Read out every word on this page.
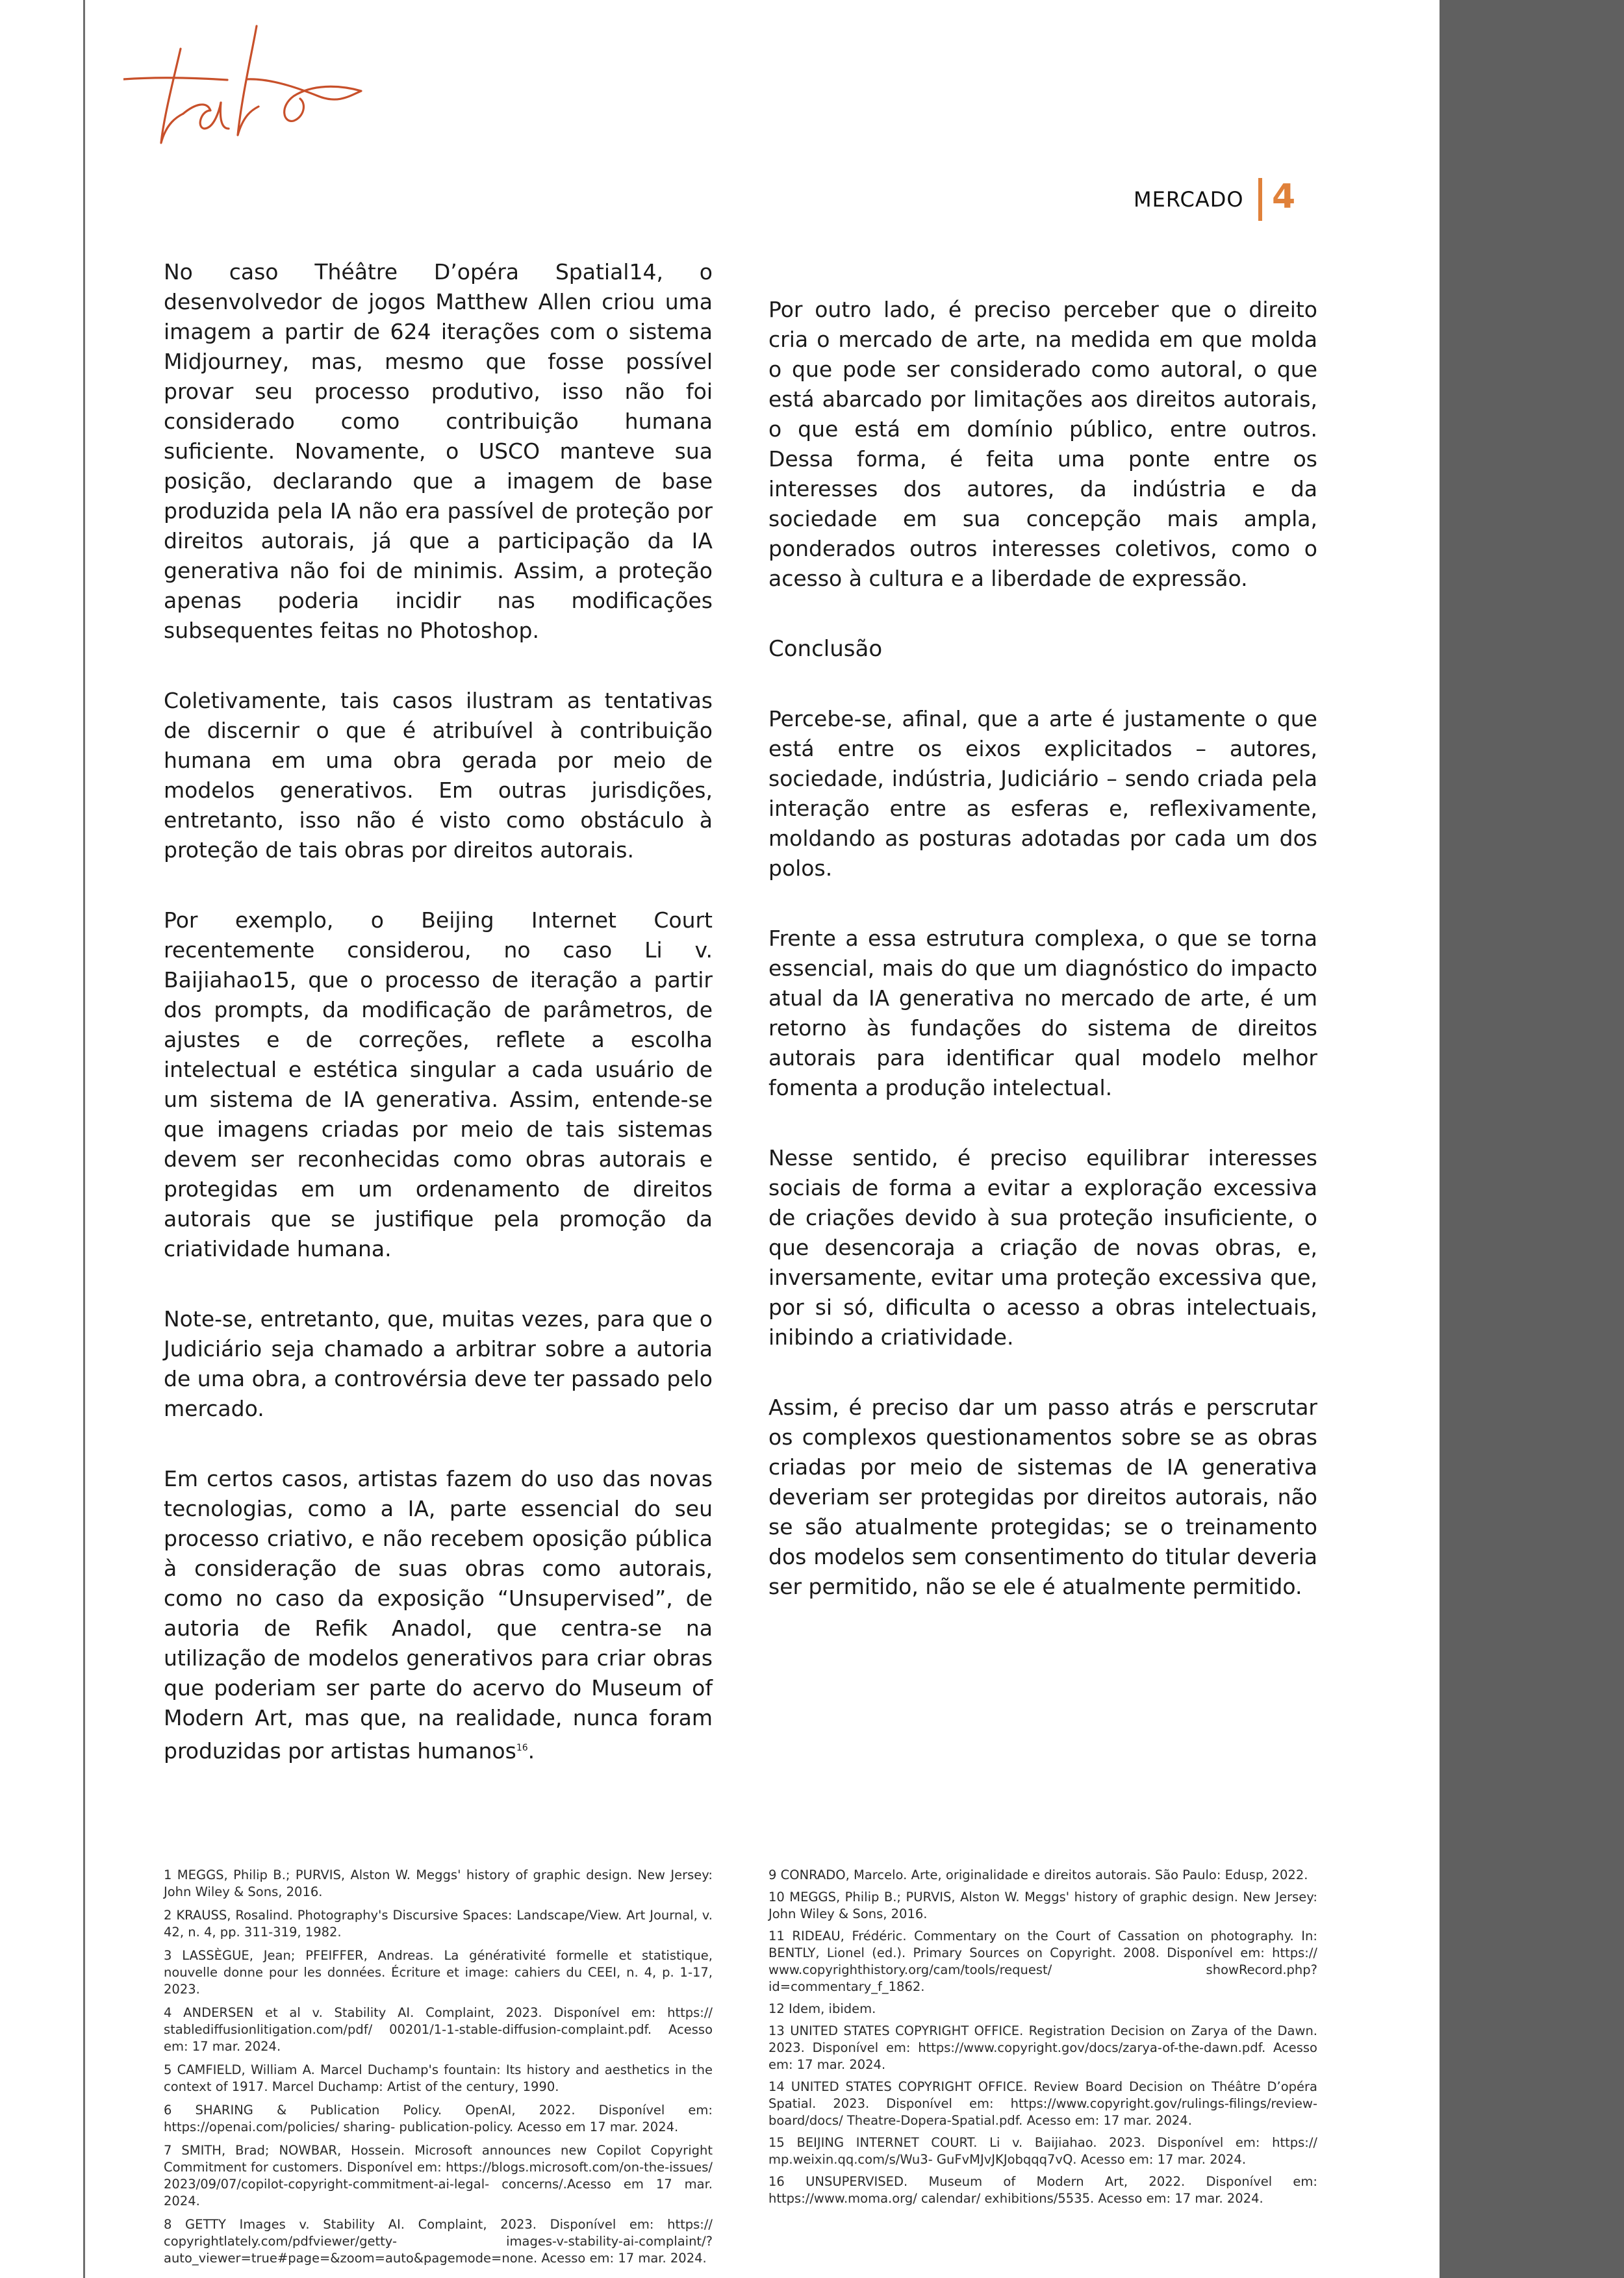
tato
MERCADO 4

No caso Théâtre D’opéra Spatial14, o desenvolvedor de jogos Matthew Allen criou uma imagem a partir de 624 iterações com o sistema Midjourney, mas, mesmo que fosse possível provar seu processo produtivo, isso não foi considerado como contribuição humana suficiente. Novamente, o USCO manteve sua posição, declarando que a imagem de base produzida pela IA não era passível de proteção por direitos autorais, já que a participação da IA generativa não foi de minimis. Assim, a proteção apenas poderia incidir nas modificações subsequentes feitas no Photoshop.

Coletivamente, tais casos ilustram as tentativas de discernir o que é atribuível à contribuição humana em uma obra gerada por meio de modelos generativos. Em outras jurisdições, entretanto, isso não é visto como obstáculo à proteção de tais obras por direitos autorais.

Por exemplo, o Beijing Internet Court recentemente considerou, no caso Li v. Baijiahao15, que o processo de iteração a partir dos prompts, da modificação de parâmetros, de ajustes e de correções, reflete a escolha intelectual e estética singular a cada usuário de um sistema de IA generativa. Assim, entende-se que imagens criadas por meio de tais sistemas devem ser reconhecidas como obras autorais e protegidas em um ordenamento de direitos autorais que se justifique pela promoção da criatividade humana.

Note-se, entretanto, que, muitas vezes, para que o Judiciário seja chamado a arbitrar sobre a autoria de uma obra, a controvérsia deve ter passado pelo mercado.

Em certos casos, artistas fazem do uso das novas tecnologias, como a IA, parte essencial do seu processo criativo, e não recebem oposição pública à consideração de suas obras como autorais, como no caso da exposição “Unsupervised”, de autoria de Refik Anadol, que centra-se na utilização de modelos generativos para criar obras que poderiam ser parte do acervo do Museum of Modern Art, mas que, na realidade, nunca foram produzidas por artistas humanos$^{16}$.

Por outro lado, é preciso perceber que o direito cria o mercado de arte, na medida em que molda o que pode ser considerado como autoral, o que está abarcado por limitações aos direitos autorais, o que está em domínio público, entre outros. Dessa forma, é feita uma ponte entre os interesses dos autores, da indústria e da sociedade em sua concepção mais ampla, ponderados outros interesses coletivos, como o acesso à cultura e a liberdade de expressão.

Conclusão

Percebe-se, afinal, que a arte é justamente o que está entre os eixos explicitados – autores, sociedade, indústria, Judiciário – sendo criada pela interação entre as esferas e, reflexivamente, moldando as posturas adotadas por cada um dos polos.

Frente a essa estrutura complexa, o que se torna essencial, mais do que um diagnóstico do impacto atual da IA generativa no mercado de arte, é um retorno às fundações do sistema de direitos autorais para identificar qual modelo melhor fomenta a produção intelectual.

Nesse sentido, é preciso equilibrar interesses sociais de forma a evitar a exploração excessiva de criações devido à sua proteção insuficiente, o que desencoraja a criação de novas obras, e, inversamente, evitar uma proteção excessiva que, por si só, dificulta o acesso a obras intelectuais, inibindo a criatividade.

Assim, é preciso dar um passo atrás e perscrutar os complexos questionamentos sobre se as obras criadas por meio de sistemas de IA generativa deveriam ser protegidas por direitos autorais, não se são atualmente protegidas; se o treinamento dos modelos sem consentimento do titular deveria ser permitido, não se ele é atualmente permitido.

1 MEGGS, Philip B.; PURVIS, Alston W. Meggs' history of graphic design. New Jersey: John Wiley & Sons, 2016.

2 KRAUSS, Rosalind. Photography's Discursive Spaces: Landscape/View. Art Journal, v. 42, n. 4, pp. 311-319, 1982.

3 LASSÈGUE, Jean; PFEIFFER, Andreas. La générativité formelle et statistique, nouvelle donne pour les données. Écriture et image: cahiers du CEEI, n. 4, p. 1-17, 2023.

4 ANDERSEN et al v. Stability AI. Complaint, 2023. Disponível em: https:// stablediffusionlitigation.com/pdf/ 00201/1-1-stable-diffusion-complaint.pdf. Acesso em: 17 mar. 2024.

5 CAMFIELD, William A. Marcel Duchamp's fountain: Its history and aesthetics in the context of 1917. Marcel Duchamp: Artist of the century, 1990.

6 SHARING & Publication Policy. OpenAI, 2022. Disponível em: https://openai.com/policies/ sharing- publication-policy. Acesso em 17 mar. 2024.

7 SMITH, Brad; NOWBAR, Hossein. Microsoft announces new Copilot Copyright Commitment for customers. Disponível em: https://blogs.microsoft.com/on-the-issues/ 2023/09/07/copilot-copyright-commitment-ai-legal- concerns/.Acesso em 17 mar. 2024.

8 GETTY Images v. Stability AI. Complaint, 2023. Disponível em: https:// copyrightlately.com/pdfviewer/getty- images-v-stability-ai-complaint/? auto_viewer=true#page=&zoom=auto&pagemode=none. Acesso em: 17 mar. 2024.

9 CONRADO, Marcelo. Arte, originalidade e direitos autorais. São Paulo: Edusp, 2022.

10 MEGGS, Philip B.; PURVIS, Alston W. Meggs' history of graphic design. New Jersey: John Wiley & Sons, 2016.

11 RIDEAU, Frédéric. Commentary on the Court of Cassation on photography. In: BENTLY, Lionel (ed.). Primary Sources on Copyright. 2008. Disponível em: https:// www.copyrighthistory.org/cam/tools/request/ showRecord.php?id=commentary_f_1862.

12 Idem, ibidem.

13 UNITED STATES COPYRIGHT OFFICE. Registration Decision on Zarya of the Dawn. 2023. Disponível em: https://www.copyright.gov/docs/zarya-of-the-dawn.pdf. Acesso em: 17 mar. 2024.

14 UNITED STATES COPYRIGHT OFFICE. Review Board Decision on Théâtre D’opéra Spatial. 2023. Disponível em: https://www.copyright.gov/rulings-filings/review-board/docs/ Theatre-Dopera-Spatial.pdf. Acesso em: 17 mar. 2024.

15 BEIJING INTERNET COURT. Li v. Baijiahao. 2023. Disponível em: https:// mp.weixin.qq.com/s/Wu3- GuFvMJvJKJobqqq7vQ. Acesso em: 17 mar. 2024.

16 UNSUPERVISED. Museum of Modern Art, 2022. Disponível em: https://www.moma.org/ calendar/ exhibitions/5535. Acesso em: 17 mar. 2024.
